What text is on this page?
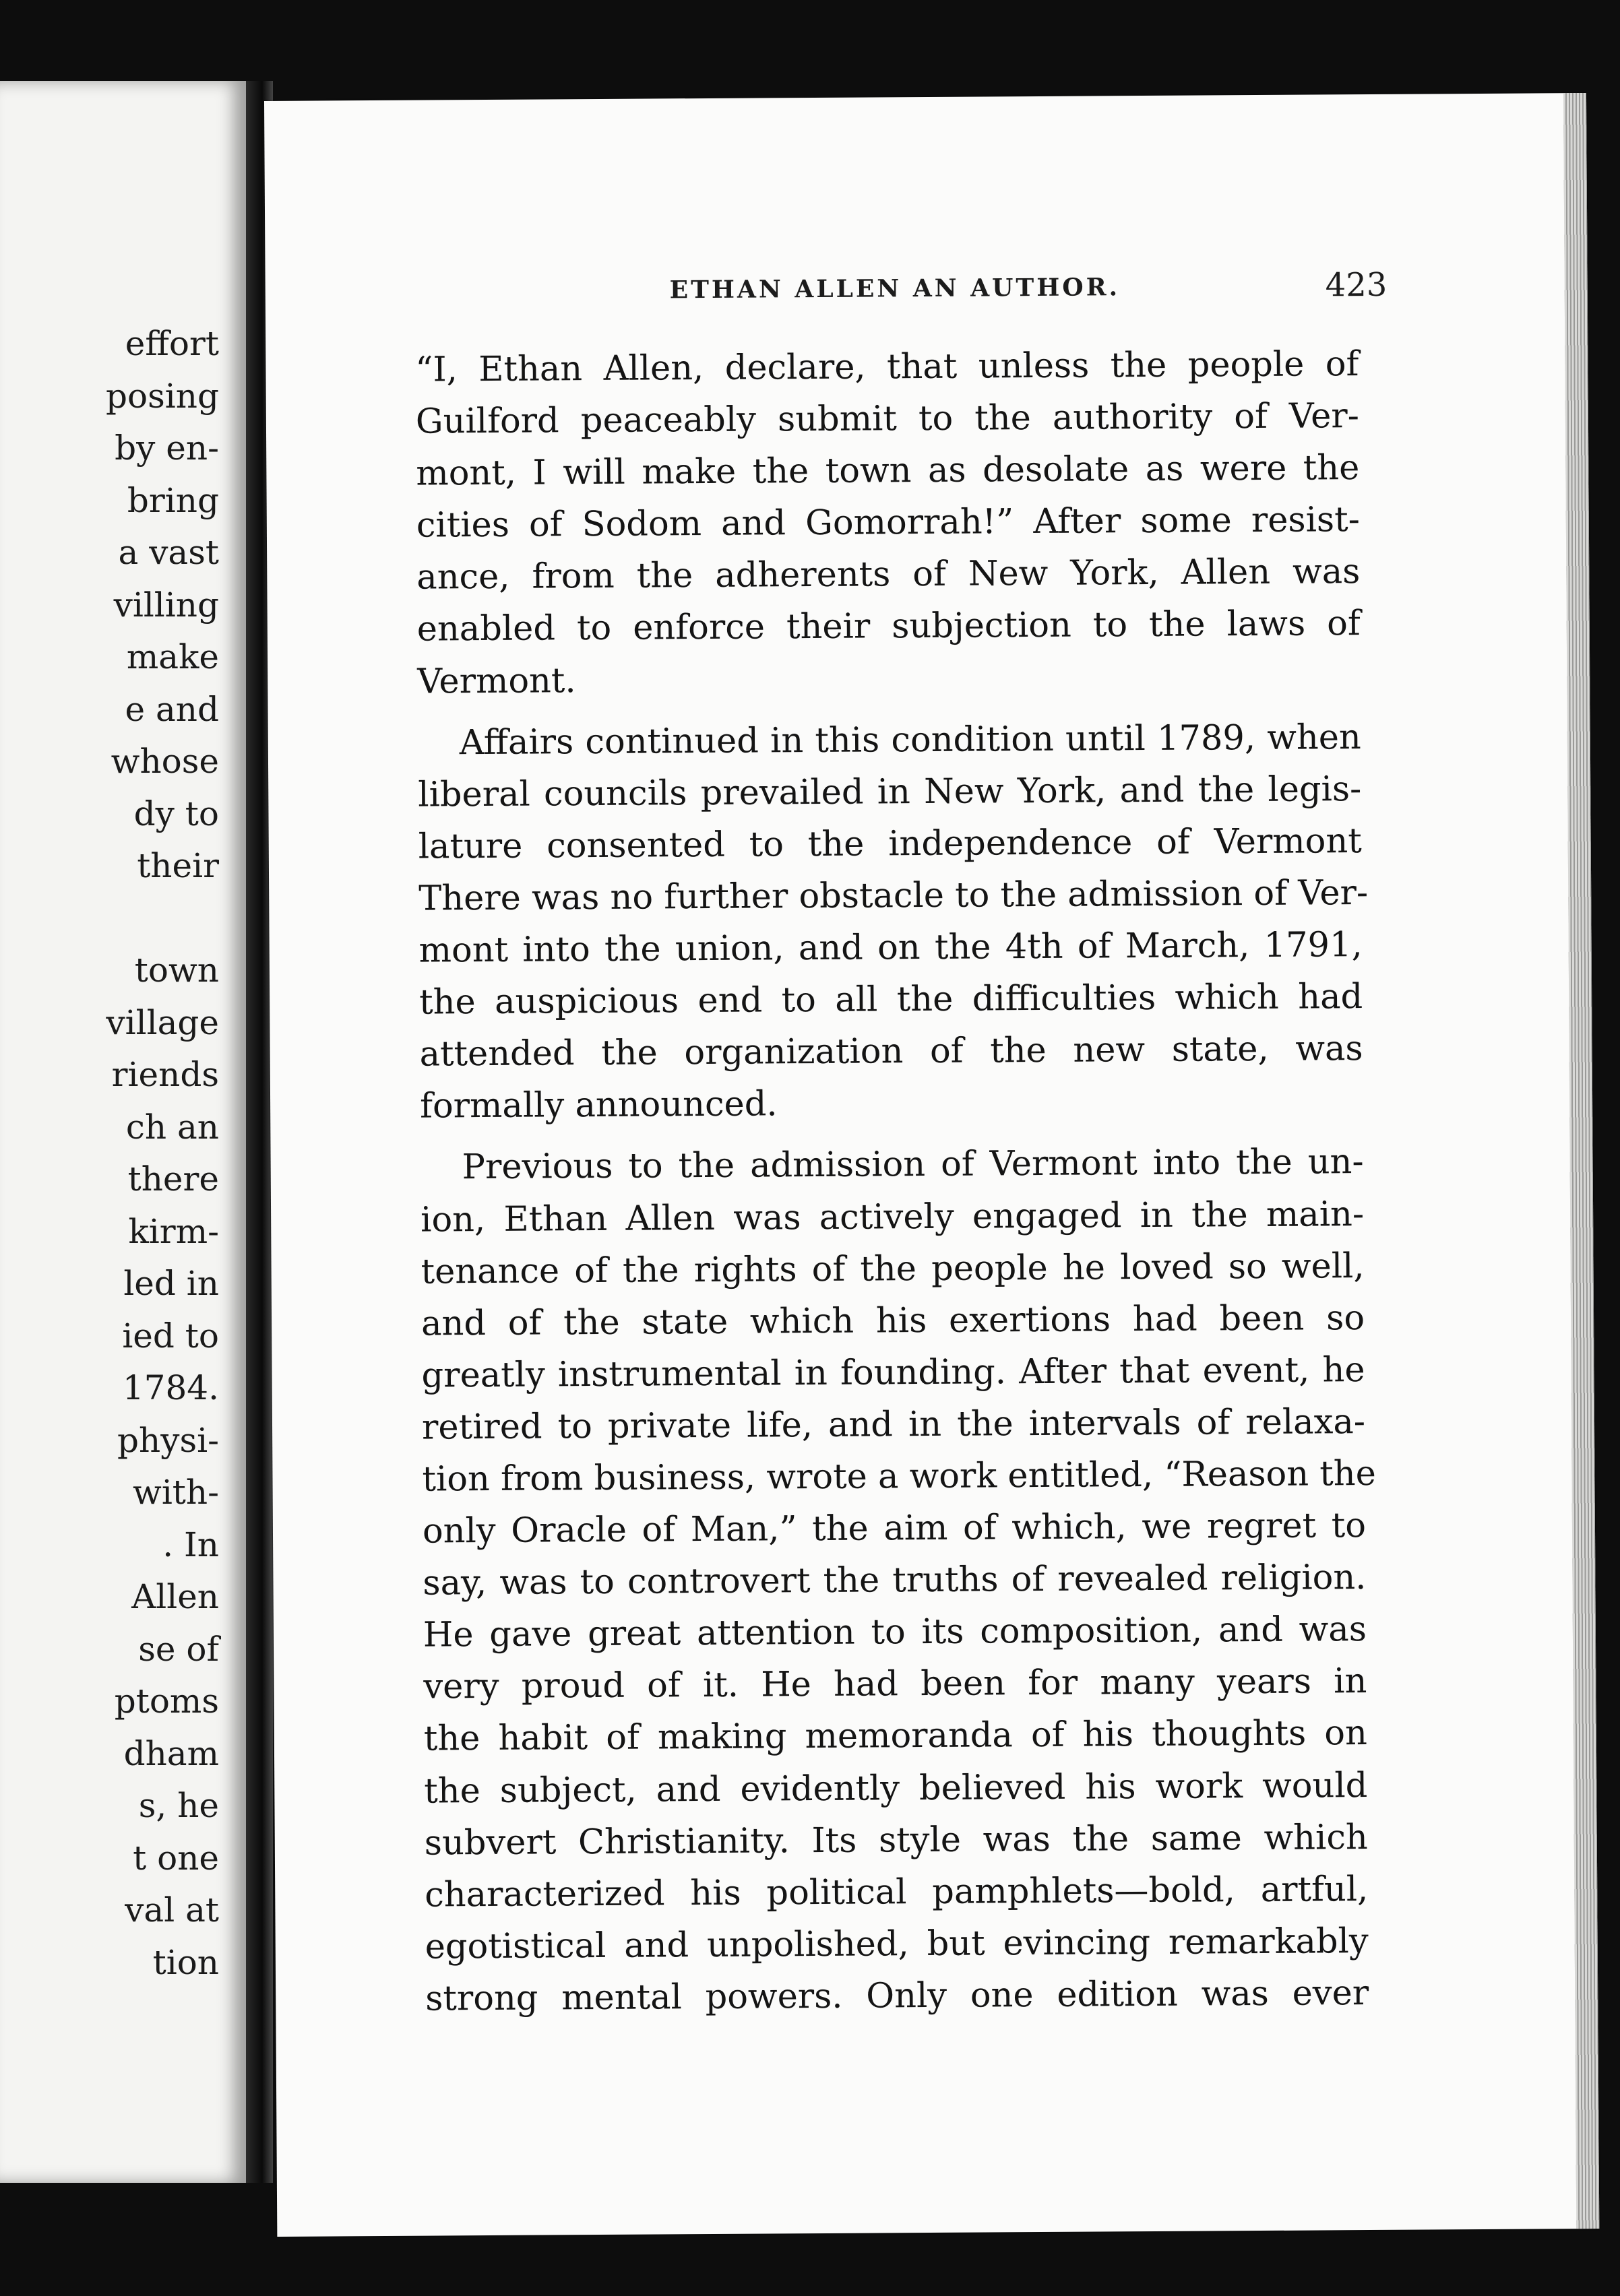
effort
posing
by en-
bring
a vast
villing
make
e and
whose
dy to
their
town
village
riends
ch an
there
kirm-
led in
ied to
1784.
physi-
with-
. In
Allen
se of
ptoms
dham
s, he
t one
val at
tion
ETHAN ALLEN AN AUTHOR.	423
“I, Ethan Allen, declare, that unless the people of
Guilford peaceably submit to the authority of Ver-
mont, I will make the town as desolate as were the
cities of Sodom and Gomorrah!” After some resist-
ance, from the adherents of New York, Allen was
enabled to enforce their subjection to the laws of
Vermont.
Affairs continued in this condition until 1789, when
liberal councils prevailed in New York, and the legis-
lature consented to the independence of Vermont
There was no further obstacle to the admission of Ver-
mont into the union, and on the 4th of March, 1791,
the auspicious end to all the difficulties which had
attended the organization of the new state, was
formally announced.
Previous to the admission of Vermont into the un-
ion, Ethan Allen was actively engaged in the main-
tenance of the rights of the people he loved so well,
and of the state which his exertions had been so
greatly instrumental in founding. After that event, he
retired to private life, and in the intervals of relaxa-
tion from business, wrote a work entitled, “Reason the
only Oracle of Man,” the aim of which, we regret to
say, was to controvert the truths of revealed religion.
He gave great attention to its composition, and was
very proud of it. He had been for many years in
the habit of making memoranda of his thoughts on
the subject, and evidently believed his work would
subvert Christianity. Its style was the same which
characterized his political pamphlets—bold, artful,
egotistical and unpolished, but evincing remarkably
strong mental powers. Only one edition was ever
